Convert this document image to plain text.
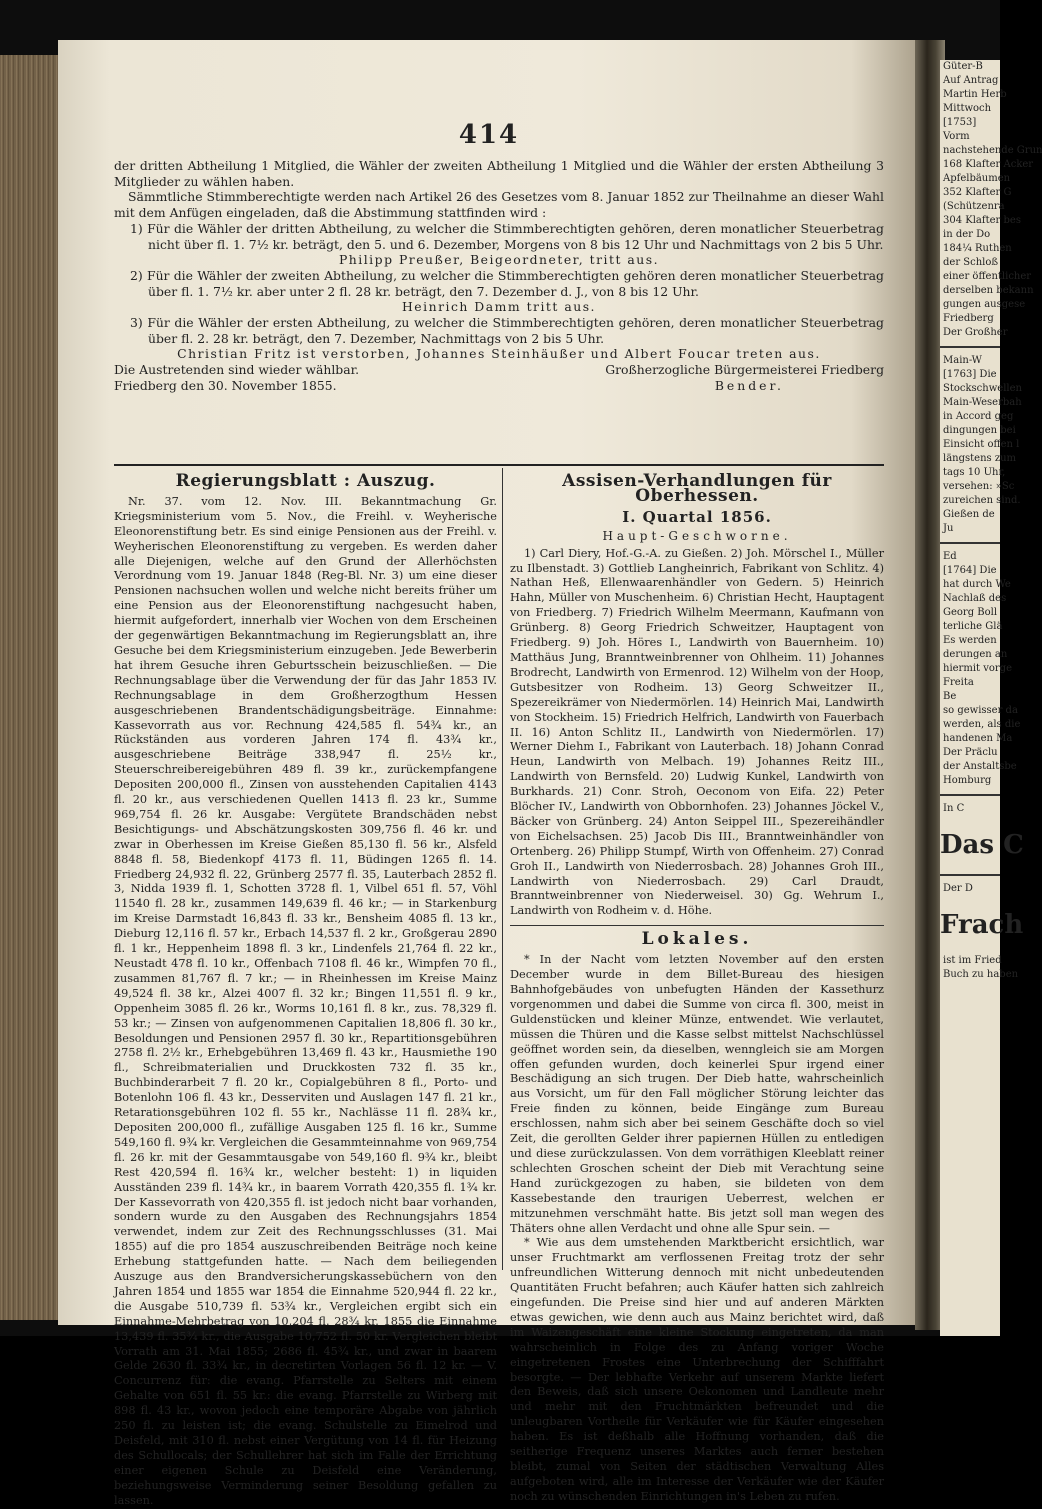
414

der dritten Abtheilung 1 Mitglied, die Wähler der zweiten Abtheilung 1 Mitglied und die Wähler der ersten Abtheilung 3 Mitglieder zu wählen haben.

Sämmtliche Stimmberechtigte werden nach Artikel 26 des Gesetzes vom 8. Januar 1852 zur Theilnahme an dieser Wahl mit dem Anfügen eingeladen, daß die Abstimmung stattfinden wird :

1) Für die Wähler der dritten Abtheilung, zu welcher die Stimmberechtigten gehören, deren monatlicher Steuerbetrag nicht über fl. 1. 7½ kr. beträgt, den 5. und 6. Dezember, Morgens von 8 bis 12 Uhr und Nachmittags von 2 bis 5 Uhr.

Philipp Preußer, Beigeordneter, tritt aus.

2) Für die Wähler der zweiten Abtheilung, zu welcher die Stimmberechtigten gehören deren monatlicher Steuerbetrag über fl. 1. 7½ kr. aber unter 2 fl. 28 kr. beträgt, den 7. Dezember d. J., von 8 bis 12 Uhr.

Heinrich Damm tritt aus.

3) Für die Wähler der ersten Abtheilung, zu welcher die Stimmberechtigten gehören, deren monatlicher Steuerbetrag über fl. 2. 28 kr. beträgt, den 7. Dezember, Nachmittags von 2 bis 5 Uhr.

Christian Fritz ist verstorben, Johannes Steinhäußer und Albert Foucar treten aus.

Die Austretenden sind wieder wählbar.	Großherzogliche Bürgermeisterei Friedberg
Friedberg den 30. November 1855.	Bender.
Regierungsblatt : Auszug.

Nr. 37. vom 12. Nov. III. Bekanntmachung Gr. Kriegsministerium vom 5. Nov., die Freihl. v. Weyherische Eleonorenstiftung betr. Es sind einige Pensionen aus der Freihl. v. Weyherischen Eleonorenstiftung zu vergeben. Es werden daher alle Diejenigen, welche auf den Grund der Allerhöchsten Verordnung vom 19. Januar 1848 (Reg-Bl. Nr. 3) um eine dieser Pensionen nachsuchen wollen und welche nicht bereits früher um eine Pension aus der Eleonorenstiftung nachgesucht haben, hiermit aufgefordert, innerhalb vier Wochen von dem Erscheinen der gegenwärtigen Bekanntmachung im Regierungsblatt an, ihre Gesuche bei dem Kriegsministerium einzugeben. Jede Bewerberin hat ihrem Gesuche ihren Geburtsschein beizuschließen. — Die Rechnungsablage über die Verwendung der für das Jahr 1853 IV. Rechnungsablage in dem Großherzogthum Hessen ausgeschriebenen Brandentschädigungsbeiträge. Einnahme: Kassevorrath aus vor. Rechnung 424,585 fl. 54¾ kr., an Rückständen aus vorderen Jahren 174 fl. 43¾ kr., ausgeschriebene Beiträge 338,947 fl. 25½ kr., Steuerschreibereigebühren 489 fl. 39 kr., zurückempfangene Depositen 200,000 fl., Zinsen von ausstehenden Capitalien 4143 fl. 20 kr., aus verschiedenen Quellen 1413 fl. 23 kr., Summe 969,754 fl. 26 kr. Ausgabe: Vergütete Brandschäden nebst Besichtigungs- und Abschätzungskosten 309,756 fl. 46 kr. und zwar in Oberhessen im Kreise Gießen 85,130 fl. 56 kr., Alsfeld 8848 fl. 58, Biedenkopf 4173 fl. 11, Büdingen 1265 fl. 14. Friedberg 24,932 fl. 22, Grünberg 2577 fl. 35, Lauterbach 2852 fl. 3, Nidda 1939 fl. 1, Schotten 3728 fl. 1, Vilbel 651 fl. 57, Vöhl 11540 fl. 28 kr., zusammen 149,639 fl. 46 kr.; — in Starkenburg im Kreise Darmstadt 16,843 fl. 33 kr., Bensheim 4085 fl. 13 kr., Dieburg 12,116 fl. 57 kr., Erbach 14,537 fl. 2 kr., Großgerau 2890 fl. 1 kr., Heppenheim 1898 fl. 3 kr., Lindenfels 21,764 fl. 22 kr., Neustadt 478 fl. 10 kr., Offenbach 7108 fl. 46 kr., Wimpfen 70 fl., zusammen 81,767 fl. 7 kr.; — in Rheinhessen im Kreise Mainz 49,524 fl. 38 kr., Alzei 4007 fl. 32 kr.; Bingen 11,551 fl. 9 kr., Oppenheim 3085 fl. 26 kr., Worms 10,161 fl. 8 kr., zus. 78,329 fl. 53 kr.; — Zinsen von aufgenommenen Capitalien 18,806 fl. 30 kr., Besoldungen und Pensionen 2957 fl. 30 kr., Repartitionsgebühren 2758 fl. 2½ kr., Erhebgebühren 13,469 fl. 43 kr., Hausmiethe 190 fl., Schreibmaterialien und Druckkosten 732 fl. 35 kr., Buchbinderarbeit 7 fl. 20 kr., Copialgebühren 8 fl., Porto- und Botenlohn 106 fl. 43 kr., Desserviten und Auslagen 147 fl. 21 kr., Retarationsgebühren 102 fl. 55 kr., Nachlässe 11 fl. 28¾ kr., Depositen 200,000 fl., zufällige Ausgaben 125 fl. 16 kr., Summe 549,160 fl. 9¾ kr. Vergleichen die Gesammteinnahme von 969,754 fl. 26 kr. mit der Gesammtausgabe von 549,160 fl. 9¾ kr., bleibt Rest 420,594 fl. 16¾ kr., welcher besteht: 1) in liquiden Ausständen 239 fl. 14¾ kr., in baarem Vorrath 420,355 fl. 1¾ kr. Der Kassevorrath von 420,355 fl. ist jedoch nicht baar vorhanden, sondern wurde zu den Ausgaben des Rechnungsjahrs 1854 verwendet, indem zur Zeit des Rechnungsschlusses (31. Mai 1855) auf die pro 1854 auszuschreibenden Beiträge noch keine Erhebung stattgefunden hatte. — Nach dem beiliegenden Auszuge aus den Brandversicherungskassebüchern von den Jahren 1854 und 1855 war 1854 die Einnahme 520,944 fl. 22 kr., die Ausgabe 510,739 fl. 53¾ kr., Vergleichen ergibt sich ein Einnahme-Mehrbetrag von 10,204 fl. 28¾ kr. 1855 die Einnahme 13,439 fl. 35¾ kr., die Ausgabe 10,752 fl. 50 kr. Vergleichen bleibt Vorrath am 31. Mai 1855; 2686 fl. 45¾ kr., und zwar in baarem Gelde 2630 fl. 33¾ kr., in decretirten Vorlagen 56 fl. 12 kr. — V. Concurrenz für: die evang. Pfarrstelle zu Selters mit einem Gehalte von 651 fl. 55 kr.: die evang. Pfarrstelle zu Wirberg mit 898 fl. 43 kr., wovon jedoch eine temporäre Abgabe von jährlich 250 fl. zu leisten ist; die evang. Schulstelle zu Eimelrod und Deisfeld, mit 310 fl. nebst einer Vergütung von 14 fl. für Heizung des Schullocals; der Schullehrer hat sich im Falle der Errichtung einer eigenen Schule zu Deisfeld eine Veränderung, beziehungsweise Verminderung seiner Besoldung gefallen zu lassen.

Assisen-Verhandlungen für Oberhessen.
I. Quartal 1856.
Haupt-Geschworne.

1) Carl Diery, Hof.-G.-A. zu Gießen. 2) Joh. Mörschel I., Müller zu Ilbenstadt. 3) Gottlieb Langheinrich, Fabrikant von Schlitz. 4) Nathan Heß, Ellenwaarenhändler von Gedern. 5) Heinrich Hahn, Müller von Muschenheim. 6) Christian Hecht, Hauptagent von Friedberg. 7) Friedrich Wilhelm Meermann, Kaufmann von Grünberg. 8) Georg Friedrich Schweitzer, Hauptagent von Friedberg. 9) Joh. Höres I., Landwirth von Bauernheim. 10) Matthäus Jung, Branntweinbrenner von Ohlheim. 11) Johannes Brodrecht, Landwirth von Ermenrod. 12) Wilhelm von der Hoop, Gutsbesitzer von Rodheim. 13) Georg Schweitzer II., Spezereikrämer von Niedermörlen. 14) Heinrich Mai, Landwirth von Stockheim. 15) Friedrich Helfrich, Landwirth von Fauerbach II. 16) Anton Schlitz II., Landwirth von Niedermörlen. 17) Werner Diehm I., Fabrikant von Lauterbach. 18) Johann Conrad Heun, Landwirth von Melbach. 19) Johannes Reitz III., Landwirth von Bernsfeld. 20) Ludwig Kunkel, Landwirth von Burkhards. 21) Conr. Stroh, Oeconom von Eifa. 22) Peter Blöcher IV., Landwirth von Obbornhofen. 23) Johannes Jöckel V., Bäcker von Grünberg. 24) Anton Seippel III., Spezereihändler von Eichelsachsen. 25) Jacob Dis III., Branntweinhändler von Ortenberg. 26) Philipp Stumpf, Wirth von Offenheim. 27) Conrad Groh II., Landwirth von Niederrosbach. 28) Johannes Groh III., Landwirth von Niederrosbach. 29) Carl Draudt, Branntweinbrenner von Niederweisel. 30) Gg. Wehrum I., Landwirth von Rodheim v. d. Höhe.

Lokales.

* In der Nacht vom letzten November auf den ersten December wurde in dem Billet-Bureau des hiesigen Bahnhofgebäudes von unbefugten Händen der Kassethurz vorgenommen und dabei die Summe von circa fl. 300, meist in Guldenstücken und kleiner Münze, entwendet. Wie verlautet, müssen die Thüren und die Kasse selbst mittelst Nachschlüssel geöffnet worden sein, da dieselben, wenngleich sie am Morgen offen gefunden wurden, doch keinerlei Spur irgend einer Beschädigung an sich trugen. Der Dieb hatte, wahrscheinlich aus Vorsicht, um für den Fall möglicher Störung leichter das Freie finden zu können, beide Eingänge zum Bureau erschlossen, nahm sich aber bei seinem Geschäfte doch so viel Zeit, die gerollten Gelder ihrer papiernen Hüllen zu entledigen und diese zurückzulassen. Von dem vorräthigen Kleeblatt reiner schlechten Groschen scheint der Dieb mit Verachtung seine Hand zurückgezogen zu haben, sie bildeten von dem Kassebestande den traurigen Ueberrest, welchen er mitzunehmen verschmäht hatte. Bis jetzt soll man wegen des Thäters ohne allen Verdacht und ohne alle Spur sein. —

* Wie aus dem umstehenden Marktbericht ersichtlich, war unser Fruchtmarkt am verflossenen Freitag trotz der sehr unfreundlichen Witterung dennoch mit nicht unbedeutenden Quantitäten Frucht befahren; auch Käufer hatten sich zahlreich eingefunden. Die Preise sind hier und auf anderen Märkten etwas gewichen, wie denn auch aus Mainz berichtet wird, daß im Waizengeschäft eine kleine Stockung eingetreten, da man wahrscheinlich in Folge des zu Anfang voriger Woche eingetretenen Frostes eine Unterbrechung der Schifffahrt besorgte. — Der lebhafte Verkehr auf unserem Markte liefert den Beweis, daß sich unsere Oekonomen und Landleute mehr und mehr mit den Fruchtmärkten befreundet und die unleugbaren Vortheile für Verkäufer wie für Käufer eingesehen haben. Es ist deßhalb alle Hoffnung vorhanden, daß die seitherige Frequenz unseres Marktes auch ferner bestehen bleibt, zumal von Seiten der städtischen Verwaltung Alles aufgeboten wird, alle im Interesse der Verkäufer wie der Käufer noch zu wünschenden Einrichtungen in's Leben zu rufen.

Güter-B
Auf Antrag
Martin Herb
Mittwoch
[1753]
Vorm
nachstehende Grun
168 Klafter Acker
Apfelbäumen
352 Klafter G
(Schützenra
304 Klafter bes
in der Do
184¼ Ruthen
der Schloß
einer öffentlicher
derselben bekann
gungen ausgese
Friedberg
Der Großher
Main-W
[1763] Die
Stockschwellen
Main-Weserbah
in Accord geg
dingungen bei
Einsicht offen l
längstens zum
tags 10 Uhr,
versehen: »Sc
zureichen sind.
Gießen de
Ju
Ed
[1764] Die
hat durch We
Nachlaß des
Georg Boll
terliche Glä
Es werden
derungen an
hiermit vorge
Freita
Be
so gewisser da
werden, als die
handenen Ma
Der Präclu
der Anstaltsbe
Homburg
In C
Das C
Der D
Frach
ist im Fried
Buch zu haben
